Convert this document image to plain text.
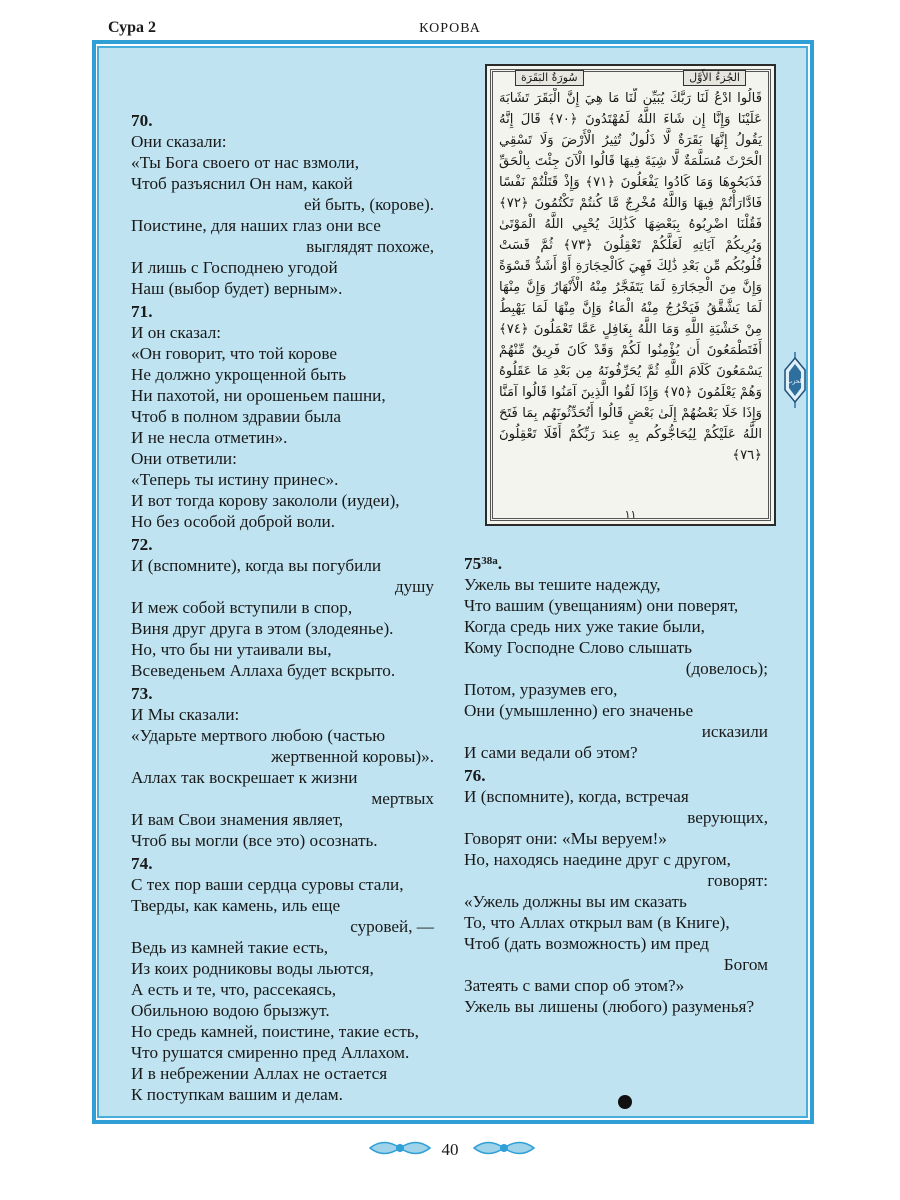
Сура 2	КОРОВА
سُورَةُ البَقَرَة	الجُزءُ الأَوَّل
قَالُوا ادْعُ لَنَا رَبَّكَ يُبَيِّن لَّنَا مَا هِيَ إِنَّ الْبَقَرَ تَشَابَهَ عَلَيْنَا وَإِنَّا إِن شَاءَ اللَّهُ لَمُهْتَدُونَ ﴿٧٠﴾ قَالَ إِنَّهُ يَقُولُ إِنَّهَا بَقَرَةٌ لَّا ذَلُولٌ تُثِيرُ الْأَرْضَ وَلَا تَسْقِي الْحَرْثَ مُسَلَّمَةٌ لَّا شِيَةَ فِيهَا قَالُوا الْآنَ جِئْتَ بِالْحَقِّ فَذَبَحُوهَا وَمَا كَادُوا يَفْعَلُونَ ﴿٧١﴾ وَإِذْ قَتَلْتُمْ نَفْسًا فَادَّارَأْتُمْ فِيهَا وَاللَّهُ مُخْرِجٌ مَّا كُنتُمْ تَكْتُمُونَ ﴿٧٢﴾ فَقُلْنَا اضْرِبُوهُ بِبَعْضِهَا كَذَٰلِكَ يُحْيِي اللَّهُ الْمَوْتَىٰ وَيُرِيكُمْ آيَاتِهِ لَعَلَّكُمْ تَعْقِلُونَ ﴿٧٣﴾ ثُمَّ قَسَتْ قُلُوبُكُم مِّن بَعْدِ ذَٰلِكَ فَهِيَ كَالْحِجَارَةِ أَوْ أَشَدُّ قَسْوَةً وَإِنَّ مِنَ الْحِجَارَةِ لَمَا يَتَفَجَّرُ مِنْهُ الْأَنْهَارُ وَإِنَّ مِنْهَا لَمَا يَشَّقَّقُ فَيَخْرُجُ مِنْهُ الْمَاءُ وَإِنَّ مِنْهَا لَمَا يَهْبِطُ مِنْ خَشْيَةِ اللَّهِ وَمَا اللَّهُ بِغَافِلٍ عَمَّا تَعْمَلُونَ ﴿٧٤﴾ أَفَتَطْمَعُونَ أَن يُؤْمِنُوا لَكُمْ وَقَدْ كَانَ فَرِيقٌ مِّنْهُمْ يَسْمَعُونَ كَلَامَ اللَّهِ ثُمَّ يُحَرِّفُونَهُ مِن بَعْدِ مَا عَقَلُوهُ وَهُمْ يَعْلَمُونَ ﴿٧٥﴾ وَإِذَا لَقُوا الَّذِينَ آمَنُوا قَالُوا آمَنَّا وَإِذَا خَلَا بَعْضُهُمْ إِلَىٰ بَعْضٍ قَالُوا أَتُحَدِّثُونَهُم بِمَا فَتَحَ اللَّهُ عَلَيْكُمْ لِيُحَاجُّوكُم بِهِ عِندَ رَبِّكُمْ أَفَلَا تَعْقِلُونَ ﴿٧٦﴾
١١
الحزب
70.
Они сказали:
«Ты Бога своего от нас взмоли,
Чтоб разъяснил Он нам, какой
ей быть, (корове).
Поистине, для наших глаз они все
выглядят похоже,
И лишь с Господнею угодой
Наш (выбор будет) верным».
71.
И он сказал:
«Он говорит, что той корове
Не должно укрощенной быть
Ни пахотой, ни орошеньем пашни,
Чтоб в полном здравии была
И не несла отметин».
Они ответили:
«Теперь ты истину принес».
И вот тогда корову закололи (иудеи),
Но без особой доброй воли.
72.
И (вспомните), когда вы погубили
душу
И меж собой вступили в спор,
Виня друг друга в этом (злодеянье).
Но, что бы ни утаивали вы,
Всеведеньем Аллаха будет вскрыто.
73.
И Мы сказали:
«Ударьте мертвого любою (частью
жертвенной коровы)».
Аллах так воскрешает к жизни
мертвых
И вам Свои знамения являет,
Чтоб вы могли (все это) осознать.
74.
С тех пор ваши сердца суровы стали,
Тверды, как камень, иль еще
суровей, —
Ведь из камней такие есть,
Из коих родниковы воды льются,
А есть и те, что, рассекаясь,
Обильною водою брызжут.
Но средь камней, поистине, такие есть,
Что рушатся смиренно пред Аллахом.
И в небрежении Аллах не остается
К поступкам вашим и делам.
$75^{38а}$.
Ужель вы тешите надежду,
Что вашим (увещаниям) они поверят,
Когда средь них уже такие были,
Кому Господне Слово слышать
(довелось);
Потом, уразумев его,
Они (умышленно) его значенье
исказили
И сами ведали об этом?
76.
И (вспомните), когда, встречая
верующих,
Говорят они: «Мы веруем!»
Но, находясь наедине друг с другом,
говорят:
«Ужель должны вы им сказать
То, что Аллах открыл вам (в Книге),
Чтоб (дать возможность) им пред
Богом
Затеять с вами спор об этом?»
Ужель вы лишены (любого) разуменья?
40
